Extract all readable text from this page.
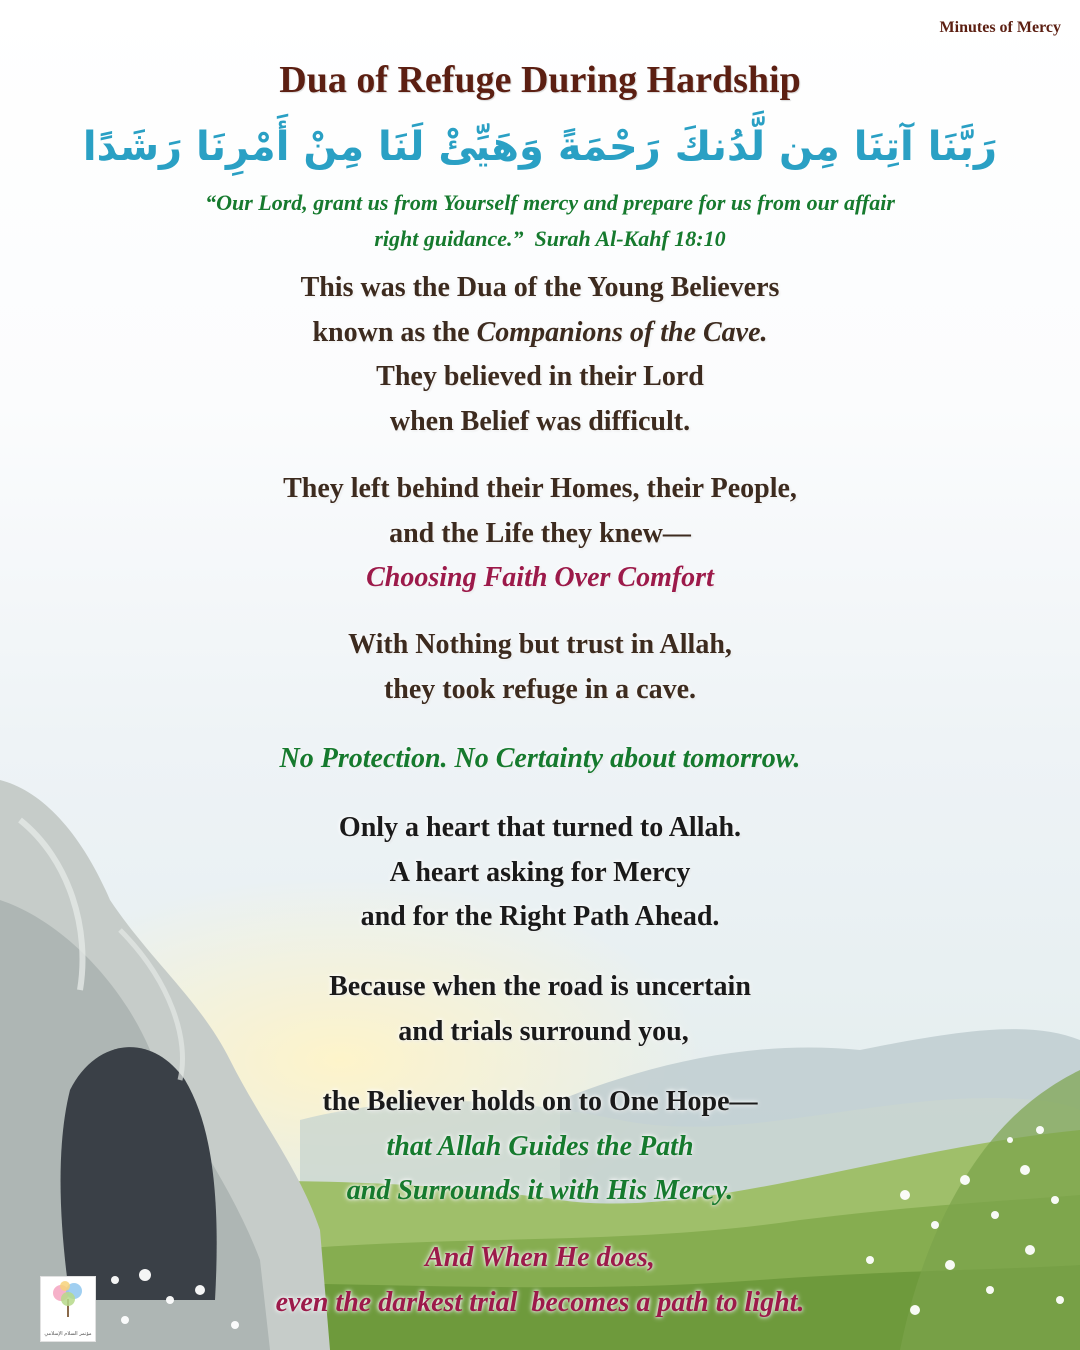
Minutes of Mercy

Dua of Refuge During Hardship

رَبَّنَا آتِنَا مِن لَّدُنكَ رَحْمَةً وَهَيِّئْ لَنَا مِنْ أَمْرِنَا رَشَدًا

“Our Lord, grant us from Yourself mercy and prepare for us from our affair
right guidance.”  Surah Al-Kahf 18:10

This was the Dua of the Young Believers
known as the Companions of the Cave.
They believed in their Lord
when Belief was difficult.
They left behind their Homes, their People,
and the Life they knew—
Choosing Faith Over Comfort
With Nothing but trust in Allah,
they took refuge in a cave.
No Protection. No Certainty about tomorrow.
Only a heart that turned to Allah.
A heart asking for Mercy
and for the Right Path Ahead.
Because when the road is uncertain
and trials surround you,
the Believer holds on to One Hope—
that Allah Guides the Path
and Surrounds it with His Mercy.
And When He does,
even the darkest trial  becomes a path to light.

مؤتمر السلام الإسلامي
